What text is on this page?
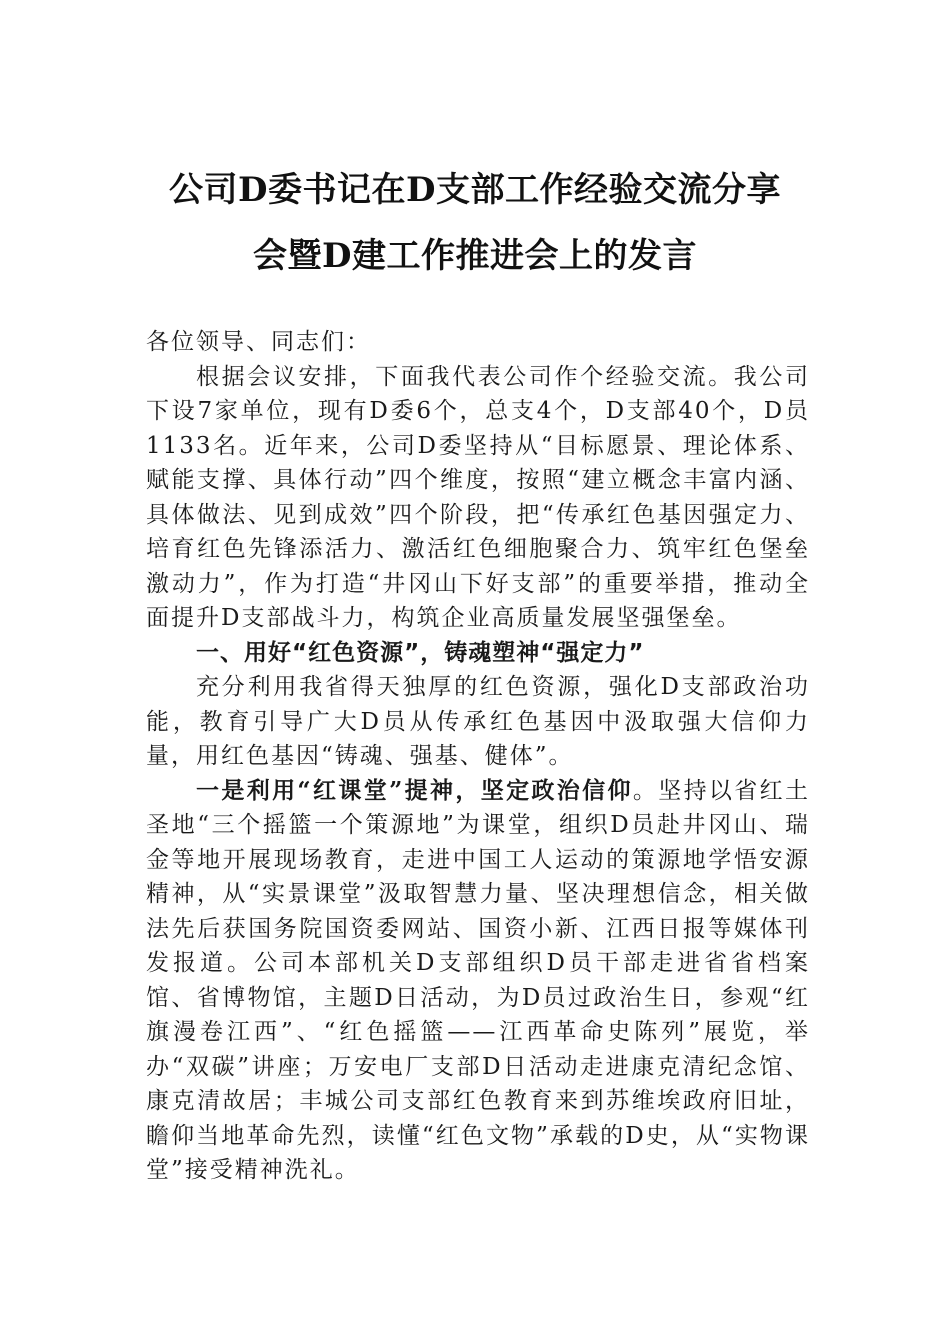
公司D委书记在D支部工作经验交流分享
会暨D建工作推进会上的发言

各位领导、同志们：

根据会议安排，下面我代表公司作个经验交流。我公司下设7家单位，现有D委6个，总支4个，D支部40个，D员1133名。近年来，公司D委坚持从“目标愿景、理论体系、赋能支撑、具体行动”四个维度，按照“建立概念丰富内涵、具体做法、见到成效”四个阶段，把“传承红色基因强定力、培育红色先锋添活力、激活红色细胞聚合力、筑牢红色堡垒激动力”，作为打造“井冈山下好支部”的重要举措，推动全面提升D支部战斗力，构筑企业高质量发展坚强堡垒。

一、用好“红色资源”，铸魂塑神“强定力”

充分利用我省得天独厚的红色资源，强化D支部政治功能，教育引导广大D员从传承红色基因中汲取强大信仰力量，用红色基因“铸魂、强基、健体”。

一是利用“红课堂”提神，坚定政治信仰。坚持以省红土圣地“三个摇篮一个策源地”为课堂，组织D员赴井冈山、瑞金等地开展现场教育，走进中国工人运动的策源地学悟安源精神，从“实景课堂”汲取智慧力量、坚决理想信念，相关做法先后获国务院国资委网站、国资小新、江西日报等媒体刊发报道。公司本部机关D支部组织D员干部走进省省档案馆、省博物馆，主题D日活动，为D员过政治生日，参观“红旗漫卷江西”、“红色摇篮——江西革命史陈列”展览，举办“双碳”讲座；万安电厂支部D日活动走进康克清纪念馆、康克清故居；丰城公司支部红色教育来到苏维埃政府旧址，瞻仰当地革命先烈，读懂“红色文物”承载的D史，从“实物课堂”接受精神洗礼。
